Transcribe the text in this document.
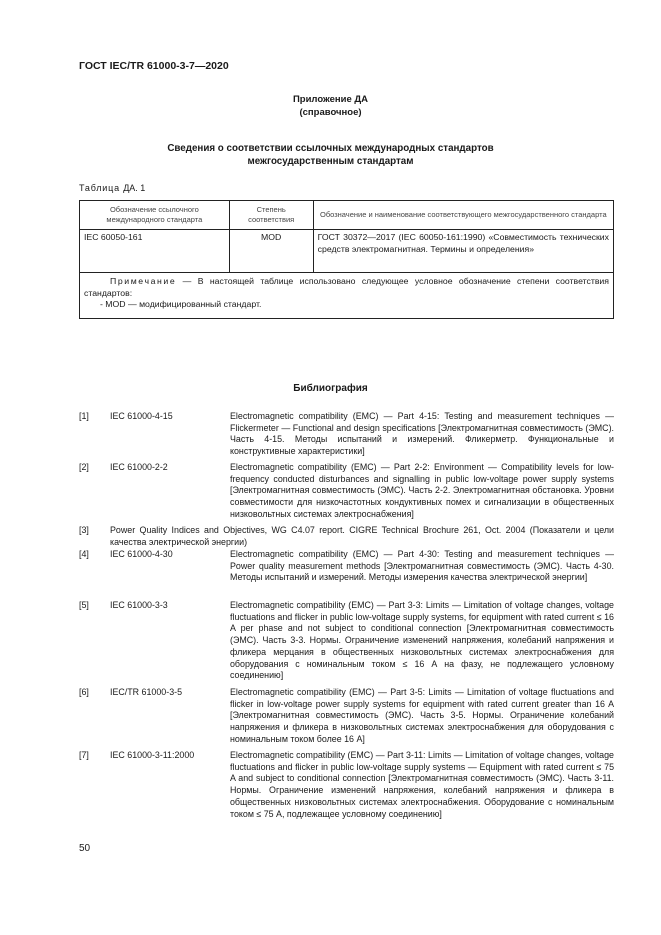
ГОСТ IEC/TR 61000-3-7—2020
Приложение ДА
(справочное)
Сведения о соответствии ссылочных международных стандартов
межгосударственным стандартам
Таблица ДА. 1
Обозначение ссылочного международного стандарта	Степень соответствия	Обозначение и наименование соответствующего межгосударственного стандарта
IEC 60050-161	MOD	ГОСТ 30372—2017 (IEC 60050-161:1990) «Совместимость технических средств электромагнитная. Термины и определения»

Примечание — В настоящей таблице использовано следующее условное обозначение степени соответствия стандартов:
- MOD — модифицированный стандарт.		
Библиография
[1] IEC 61000-4-15	Electromagnetic compatibility (EMC) — Part 4-15: Testing and measurement techniques — Flickermeter — Functional and design specifications [Электромагнитная совместимость (ЭМС). Часть 4-15. Методы испытаний и измерений. Фликерметр. Функциональные и конструктивные характеристики]
[2] IEC 61000-2-2	Electromagnetic compatibility (EMC) — Part 2-2: Environment — Compatibility levels for low-frequency conducted disturbances and signalling in public low-voltage power supply systems [Электромагнитная совместимость (ЭМС). Часть 2-2. Электромагнитная обстановка. Уровни совместимости для низкочастотных кондуктивных помех и сигнализации в общественных низковольтных системах электроснабжения]
[3] Power Quality Indices and Objectives, WG C4.07 report. CIGRE Technical Brochure 261, Oct. 2004 (Показатели и цели качества электрической энергии)
[4] IEC 61000-4-30	Electromagnetic compatibility (EMC) — Part 4-30: Testing and measurement techniques — Power quality measurement methods [Электромагнитная совместимость (ЭМС). Часть 4-30. Методы испытаний и измерений. Методы измерения качества электрической энергии]
[5] IEC 61000-3-3	Electromagnetic compatibility (EMC) — Part 3-3: Limits — Limitation of voltage changes, voltage fluctuations and flicker in public low-voltage supply systems, for equipment with rated current ≤ 16 A per phase and not subject to conditional connection [Электромагнитная совместимость (ЭМС). Часть 3-3. Нормы. Ограничение изменений напряжения, колебаний напряжения и фликера мерцания в общественных низковольтных системах электроснабжения для оборудования с номинальным током ≤ 16 А на фазу, не подлежащего условному соединению]
[6] IEC/TR 61000-3-5	Electromagnetic compatibility (EMC) — Part 3-5: Limits — Limitation of voltage fluctuations and flicker in low-voltage power supply systems for equipment with rated current greater than 16 A [Электромагнитная совместимость (ЭМС). Часть 3-5. Нормы. Ограничение колебаний напряжения и фликера в низковольтных системах электроснабжения для оборудования с номинальным током более 16 А]
[7] IEC 61000-3-11:2000	Electromagnetic compatibility (EMC) — Part 3-11: Limits — Limitation of voltage changes, voltage fluctuations and flicker in public low-voltage supply systems — Equipment with rated current ≤ 75 A and subject to conditional connection [Электромагнитная совместимость (ЭМС). Часть 3-11. Нормы. Ограничение изменений напряжения, колебаний напряжения и фликера в общественных низковольтных системах электроснабжения. Оборудование с номинальным током ≤ 75 А, подлежащее условному соединению]
50
